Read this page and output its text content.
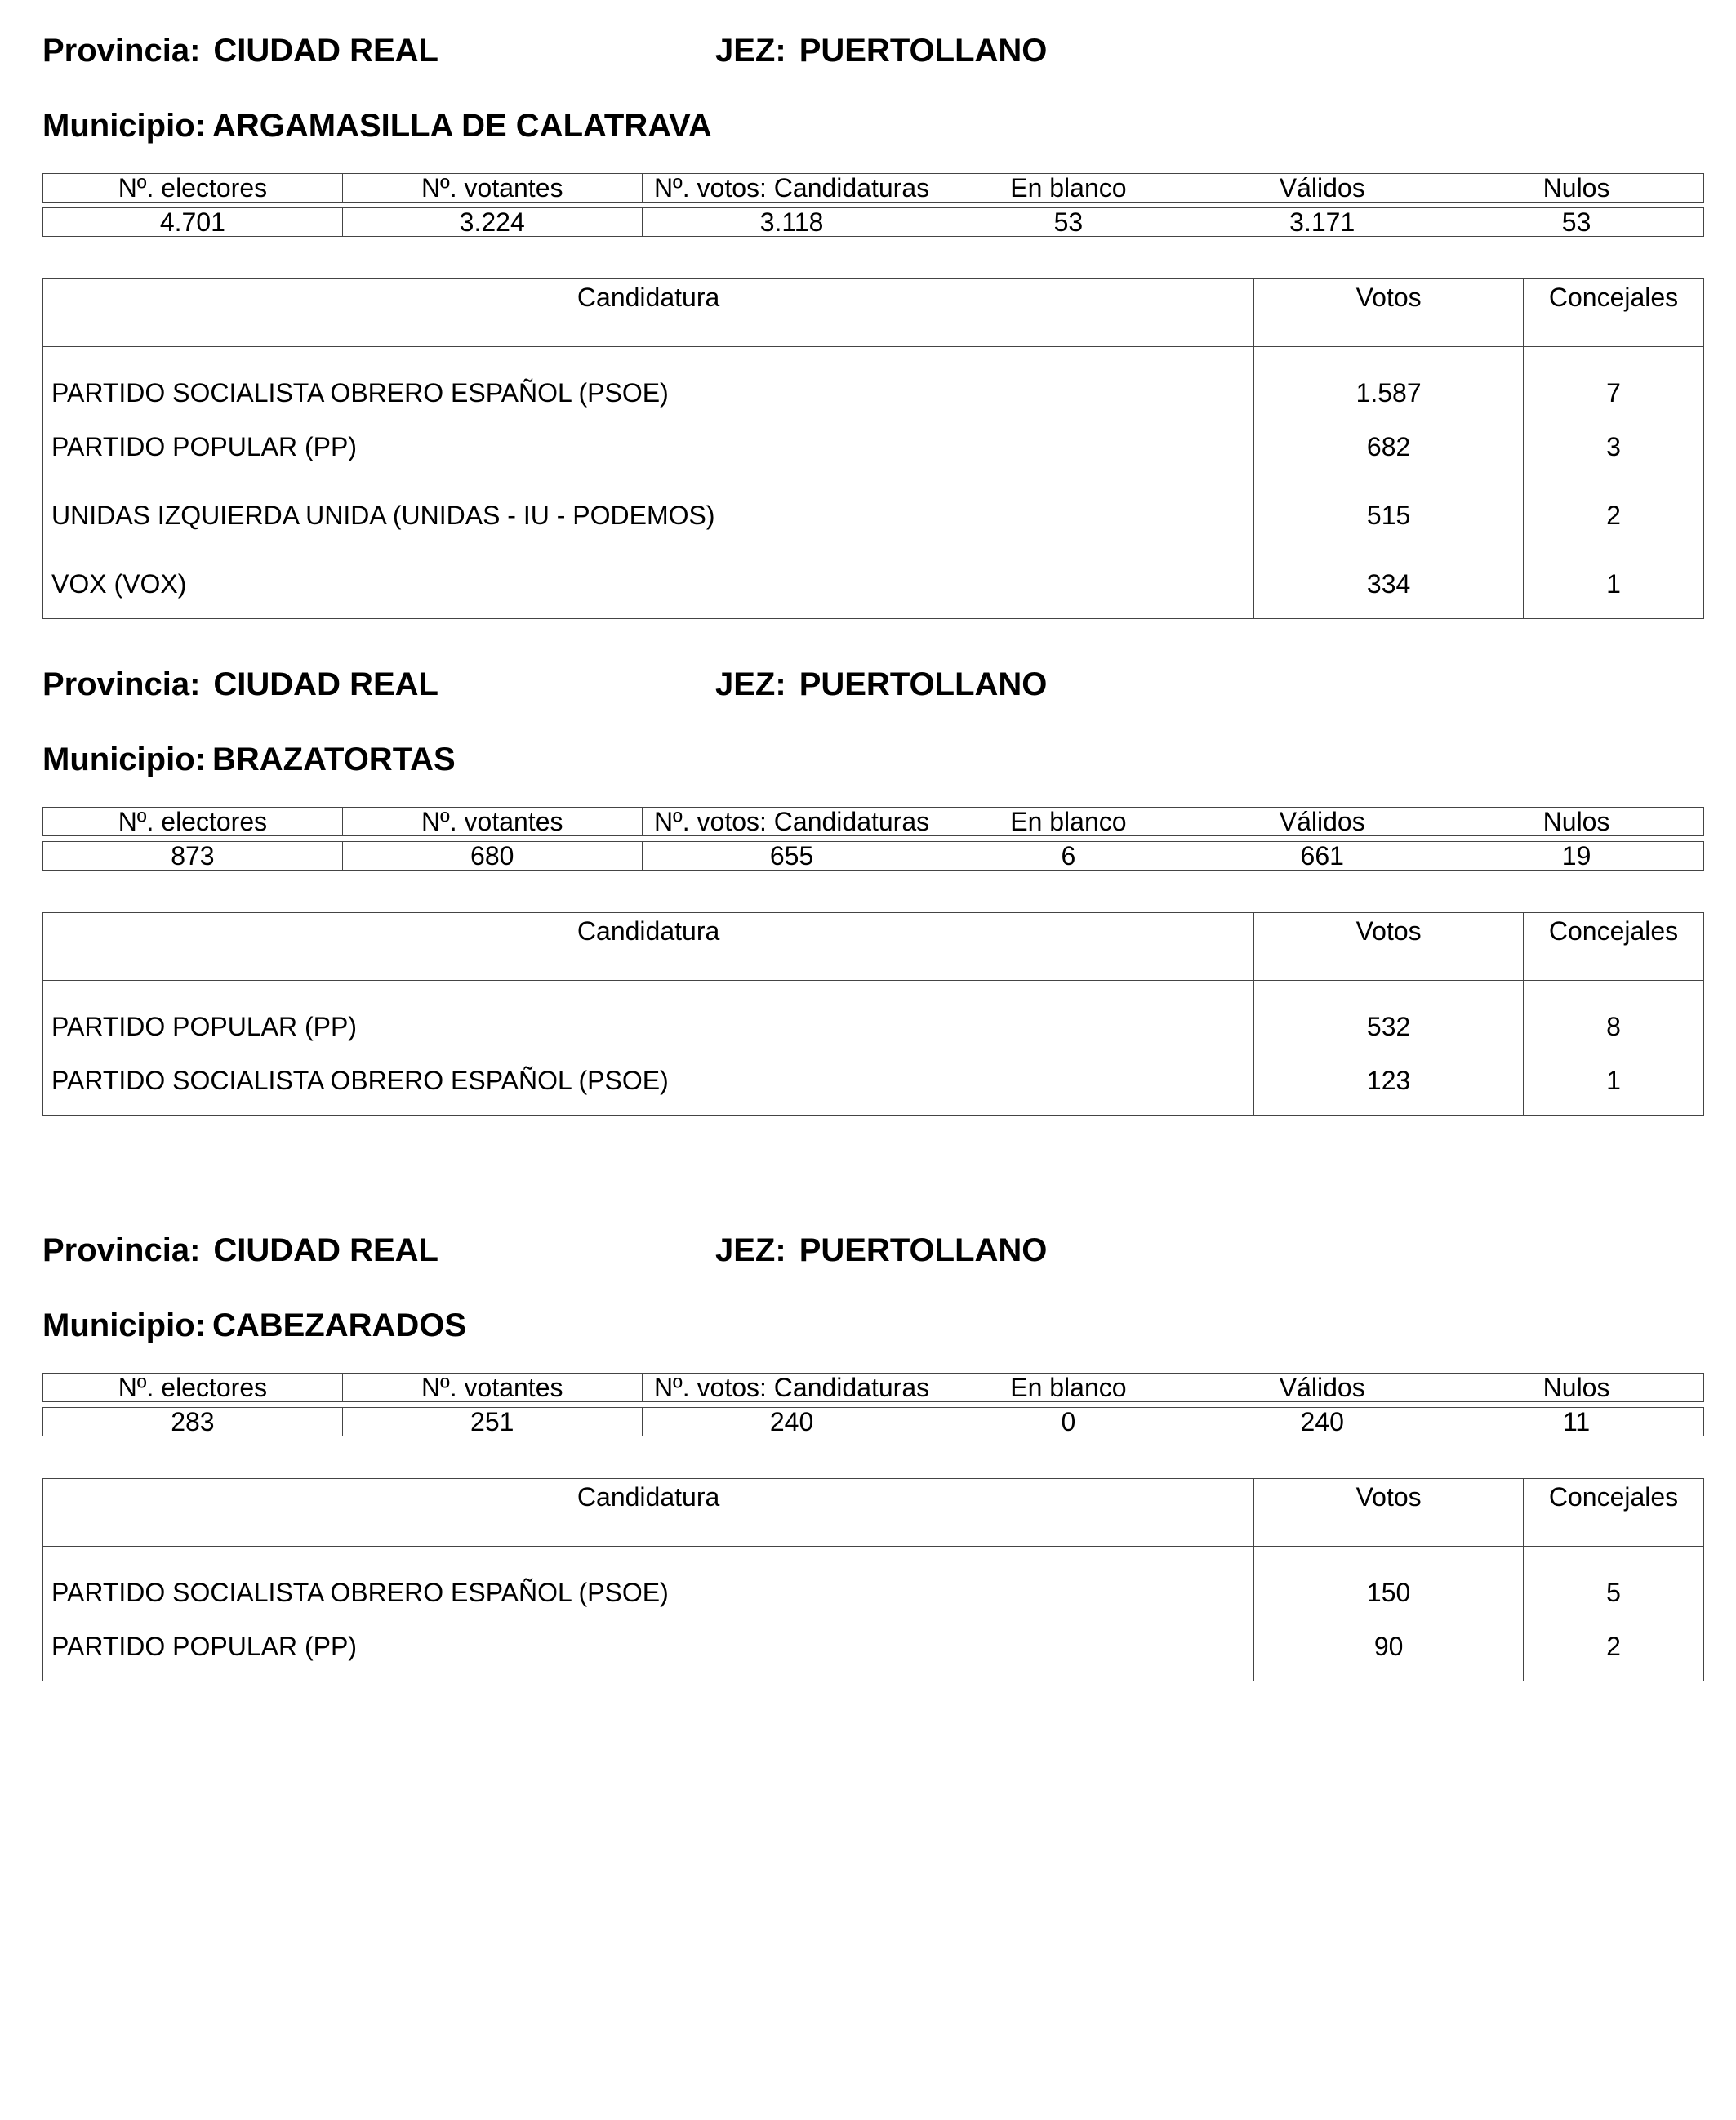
Provincia: CIUDAD REAL	JEZ: PUERTOLLANO
Municipio: ARGAMASILLA DE CALATRAVA
Nº. electores	Nº. votantes	Nº. votos: Candidaturas	En blanco	Válidos	Nulos

4.701	3.224	3.118	53	3.171	53
Candidatura	Votos	Concejales
PARTIDO SOCIALISTA OBRERO ESPAÑOL (PSOE)	1.587	7
PARTIDO POPULAR (PP)	682	3
UNIDAS IZQUIERDA UNIDA (UNIDAS - IU - PODEMOS)	515	2
VOX (VOX)	334	1
Provincia: CIUDAD REAL	JEZ: PUERTOLLANO
Municipio: BRAZATORTAS
Nº. electores	Nº. votantes	Nº. votos: Candidaturas	En blanco	Válidos	Nulos

873	680	655	6	661	19
Candidatura	Votos	Concejales
PARTIDO POPULAR (PP)	532	8
PARTIDO SOCIALISTA OBRERO ESPAÑOL (PSOE)	123	1
Provincia: CIUDAD REAL	JEZ: PUERTOLLANO
Municipio: CABEZARADOS
Nº. electores	Nº. votantes	Nº. votos: Candidaturas	En blanco	Válidos	Nulos

283	251	240	0	240	11
Candidatura	Votos	Concejales
PARTIDO SOCIALISTA OBRERO ESPAÑOL (PSOE)	150	5
PARTIDO POPULAR (PP)	90	2
